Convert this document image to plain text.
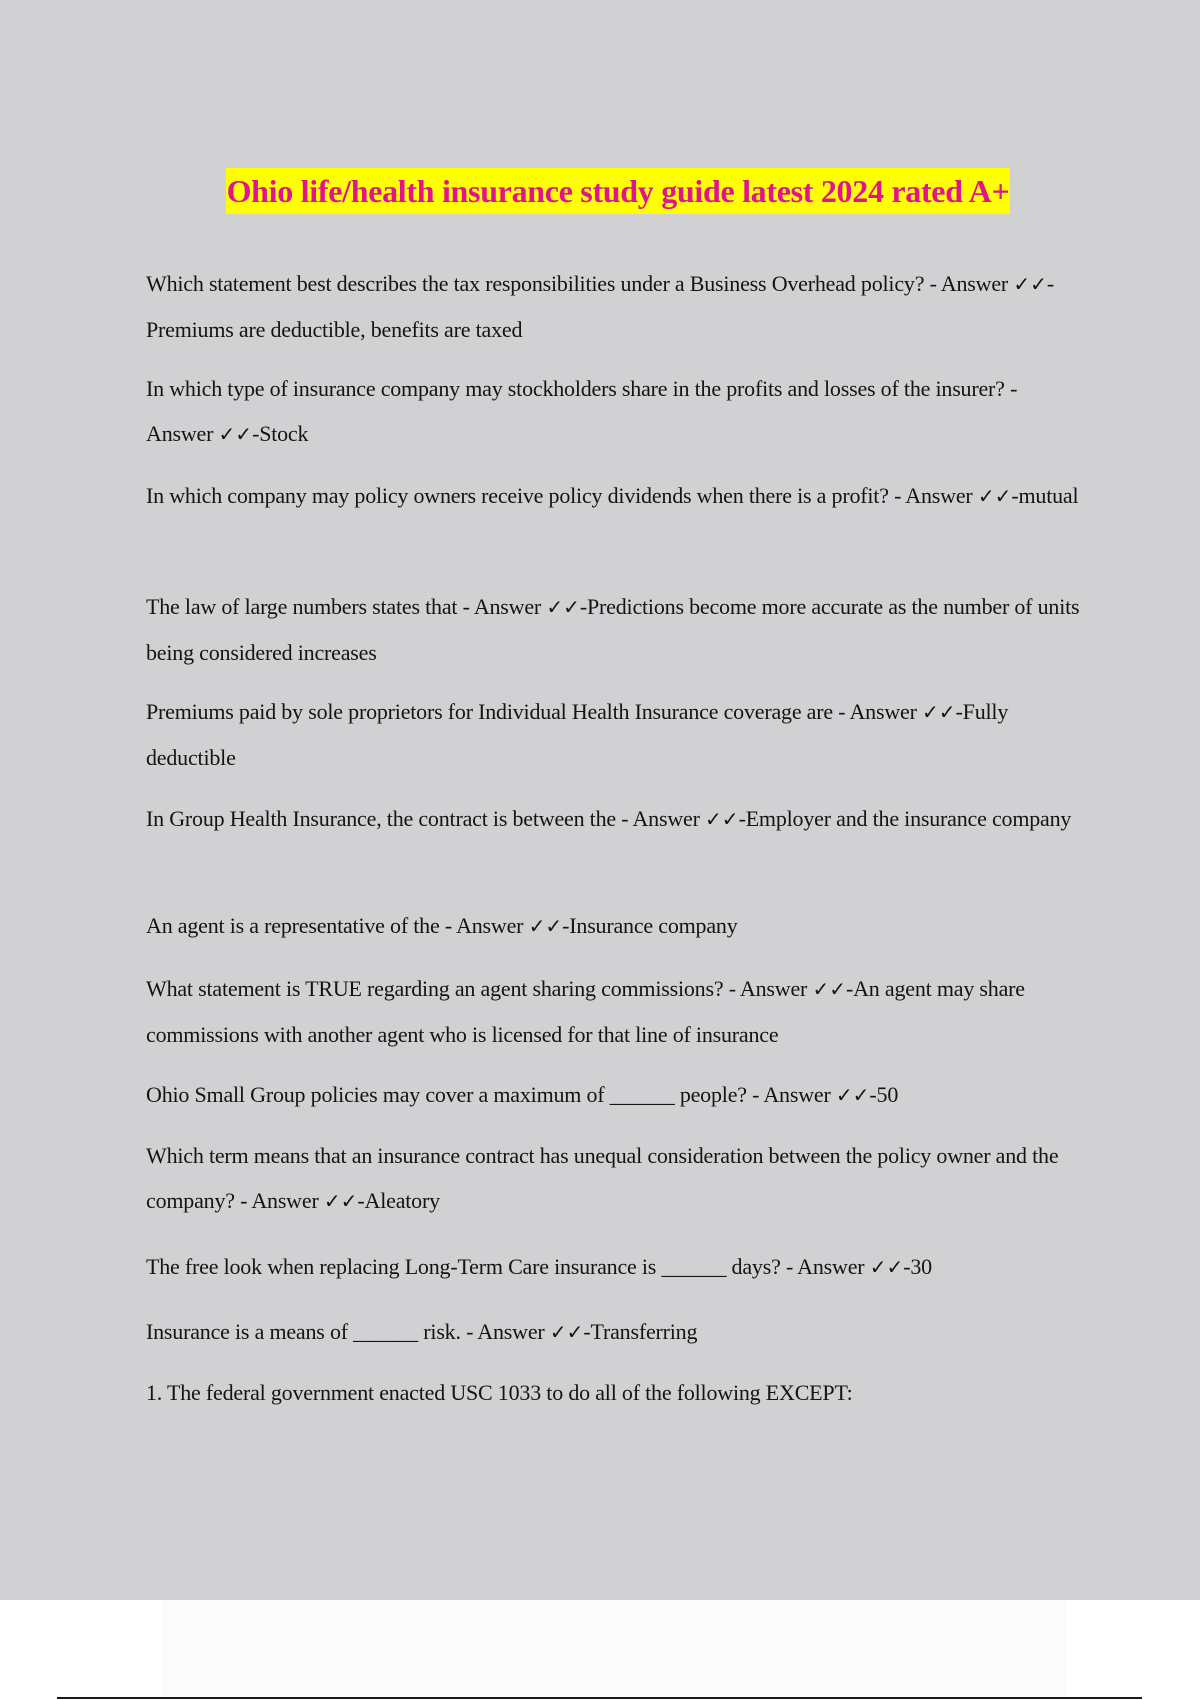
Ohio life/health insurance study guide latest 2024 rated A+

Which statement best describes the tax responsibilities under a Business Overhead policy? - Answer ✓✓-Premiums are deductible, benefits are taxed

In which type of insurance company may stockholders share in the profits and losses of the insurer? - Answer ✓✓-Stock

In which company may policy owners receive policy dividends when there is a profit? - Answer ✓✓-mutual

The law of large numbers states that - Answer ✓✓-Predictions become more accurate as the number of units being considered increases

Premiums paid by sole proprietors for Individual Health Insurance coverage are - Answer ✓✓-Fully deductible

In Group Health Insurance, the contract is between the - Answer ✓✓-Employer and the insurance company

An agent is a representative of the - Answer ✓✓-Insurance company

What statement is TRUE regarding an agent sharing commissions? - Answer ✓✓-An agent may share commissions with another agent who is licensed for that line of insurance

Ohio Small Group policies may cover a maximum of ______ people? - Answer ✓✓-50

Which term means that an insurance contract has unequal consideration between the policy owner and the company? - Answer ✓✓-Aleatory

The free look when replacing Long-Term Care insurance is ______ days? - Answer ✓✓-30

Insurance is a means of ______ risk. - Answer ✓✓-Transferring

1. The federal government enacted USC 1033 to do all of the following EXCEPT:
